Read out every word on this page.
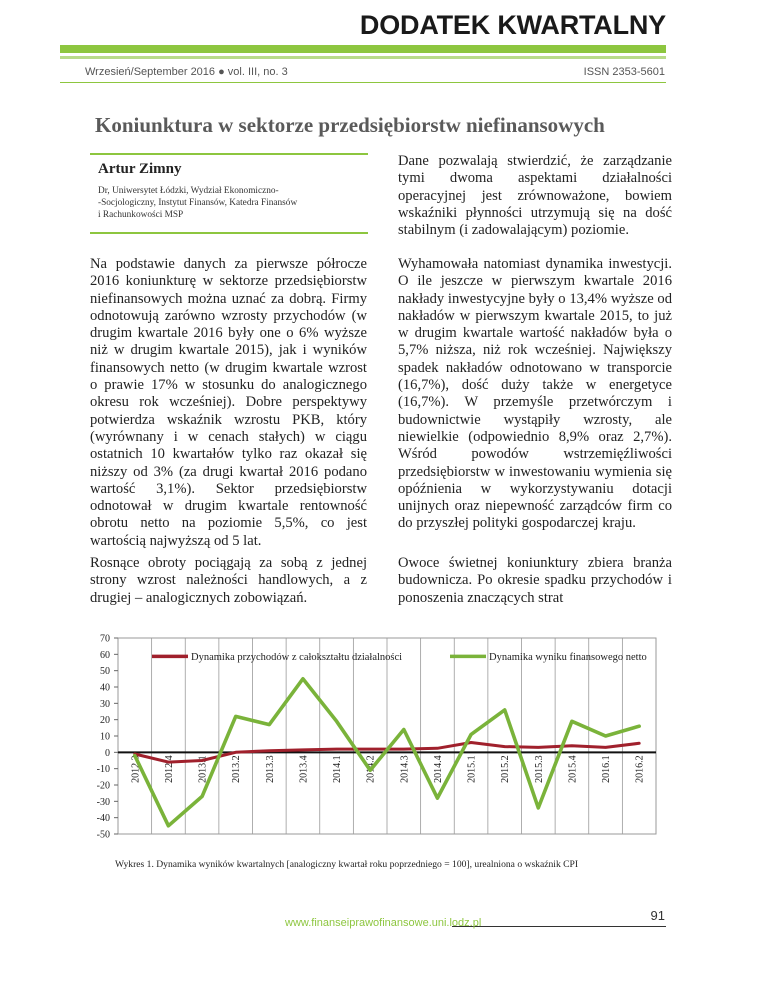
DODATEK KWARTALNY
Wrzesień/September 2016 ● vol. III, no. 3	ISSN 2353-5601
Koniunktura w sektorze przedsiębiorstw niefinansowych
Artur Zimny
Dr, Uniwersytet Łódzki, Wydział Ekonomiczno-
-Socjologiczny, Instytut Finansów, Katedra Finansów
i Rachunkowości MSP
Na podstawie danych za pierwsze półrocze 2016 koniunkturę w sektorze przedsiębiorstw niefinansowych można uznać za dobrą. Firmy odnotowują zarówno wzrosty przychodów (w drugim kwartale 2016 były one o 6% wyższe niż w drugim kwartale 2015), jak i wyników finansowych netto (w drugim kwartale wzrost o prawie 17% w stosunku do analogicznego okresu rok wcześniej). Dobre perspektywy potwierdza wskaźnik wzrostu PKB, który (wyrównany i w cenach stałych) w ciągu ostatnich 10 kwartałów tylko raz okazał się niższy od 3% (za drugi kwartał 2016 podano wartość 3,1%). Sektor przedsiębiorstw odnotował w drugim kwartale rentowność obrotu netto na poziomie 5,5%, co jest wartością najwyższą od 5 lat.
Rosnące obroty pociągają za sobą z jednej strony wzrost należności handlowych, a z drugiej – analogicznych zobowiązań.
Dane pozwalają stwierdzić, że zarządzanie tymi dwoma aspektami działalności operacyjnej jest zrównoważone, bowiem wskaźniki płynności utrzymują się na dość stabilnym (i zadowalającym) poziomie.
Wyhamowała natomiast dynamika inwestycji. O ile jeszcze w pierwszym kwartale 2016 nakłady inwestycyjne były o 13,4% wyższe od nakładów w pierwszym kwartale 2015, to już w drugim kwartale wartość nakładów była o 5,7% niższa, niż rok wcześniej. Największy spadek nakładów odnotowano w transporcie (16,7%), dość duży także w energetyce (16,7%). W przemyśle przetwórczym i budownictwie wystąpiły wzrosty, ale niewielkie (odpowiednio 8,9% oraz 2,7%). Wśród powodów wstrzemięźliwości przedsiębiorstw w inwestowaniu wymienia się opóźnienia w wykorzystywaniu dotacji unijnych oraz niepewność zarządców firm co do przyszłej polityki gospodarczej kraju.
Owoce świetnej koniunktury zbiera branża budownicza. Po okresie spadku przychodów i ponoszenia znaczących strat
70
60
50
40
30
20
10
0
-10
-20
-30
-40
-50
2012.3 2012.4 2013.1 2013.2 2013.3 2013.4 2014.1 2014.2 2014.3 2014.4 2015.1 2015.2 2015.3 2015.4 2016.1 2016.2
Dynamika przychodów z całokształtu działalności	Dynamika wyniku finansowego netto
Wykres 1. Dynamika wyników kwartalnych [analogiczny kwartał roku poprzedniego = 100], urealniona o wskaźnik CPI
91
www.finanseiprawofinansowe.uni.lodz.pl
